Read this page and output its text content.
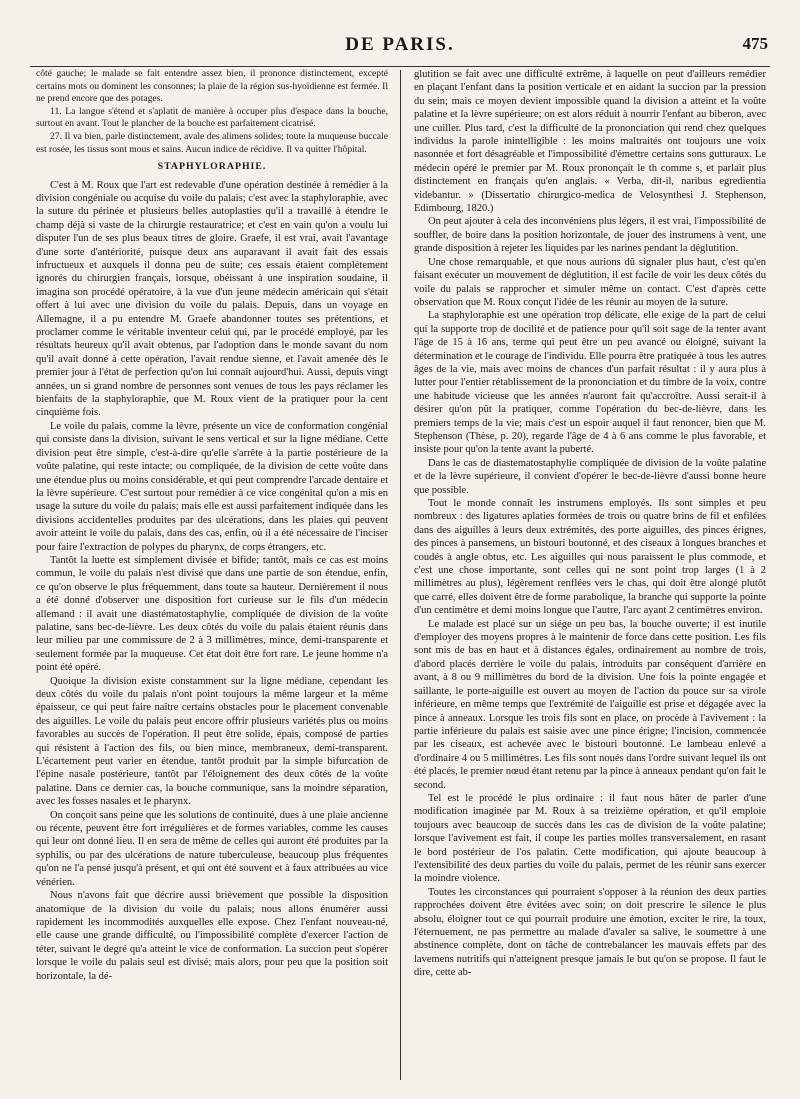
DE PARIS.	475

côté gauche; le malade se fait entendre assez bien, il prononce distinctement, excepté certains mots ou dominent les consonnes; la plaie de la région sus-hyoïdienne est fermée. Il ne prend encore que des potages.

11. La langue s'étend et s'aplatit de manière à occuper plus d'espace dans la bouche, surtout en avant. Tout le plancher de la bouche est parfaitement cicatrisé.

27. Il va bien, parle distinctement, avale des alimens solides; toute la muqueuse buccale est rosée, les tissus sont mous et sains. Aucun indice de récidive. Il va quitter l'hôpital.

STAPHYLORAPHIE.

C'est à M. Roux que l'art est redevable d'une opération destinée à remédier à la division congéniale ou acquise du voile du palais; c'est avec la staphyloraphie, avec la suture du périnée et plusieurs belles autoplasties qu'il a travaillé à étendre le champ déjà si vaste de la chirurgie restauratrice; et c'est en vain qu'on a voulu lui disputer l'un de ses plus beaux titres de gloire. Graefe, il est vrai, avait l'avantage d'une sorte d'antériorité, puisque deux ans auparavant il avait fait des essais infructueux et auxquels il donna peu de suite; ces essais étaient complètement ignorés du chirurgien français, lorsque, obéissant à une inspiration soudaine, il imagina son procédé opératoire, à la vue d'un jeune médecin américain qui s'était offert à lui avec une division du voile du palais. Depuis, dans un voyage en Allemagne, il a pu entendre M. Graefe abandonner toutes ses prétentions, et proclamer comme le véritable inventeur celui qui, par le procédé employé, par les résultats heureux qu'il avait obtenus, par l'adoption dans le monde savant du nom qu'il avait donné à cette opération, l'avait rendue sienne, et l'avait amenée dès le premier jour à l'état de perfection qu'on lui connaît aujourd'hui. Aussi, depuis vingt années, un si grand nombre de personnes sont venues de tous les pays réclamer les bienfaits de la staphyloraphie, que M. Roux vient de la pratiquer pour la cent cinquième fois.

Le voile du palais, comme la lèvre, présente un vice de conformation congénial qui consiste dans la division, suivant le sens vertical et sur la ligne médiane. Cette division peut être simple, c'est-à-dire qu'elle s'arrête à la partie postérieure de la voûte palatine, qui reste intacte; ou compliquée, de la division de cette voûte dans une étendue plus ou moins considérable, et qui peut comprendre l'arcade dentaire et la lèvre supérieure. C'est surtout pour remédier à ce vice congénital qu'on a mis en usage la suture du voile du palais; mais elle est aussi parfaitement indiquée dans les divisions accidentelles produites par des ulcérations, dans les plaies qui peuvent avoir atteint le voile du palais, dans des cas, enfin, où il a été nécessaire de l'inciser pour faire l'extraction de polypes du pharynx, de corps étrangers, etc.

Tantôt la luette est simplement divisée et bifide; tantôt, mais ce cas est moins commun, le voile du palais n'est divisé que dans une partie de son étendue, enfin, ce qu'on observe le plus fréquemment, dans toute sa hauteur. Dernièrement il nous a été donné d'observer une disposition fort curieuse sur le fils d'un médecin allemand : il avait une diastématostaphylie, compliquée de division de la voûte palatine, sans bec-de-lièvre. Les deux côtés du voile du palais étaient réunis dans leur milieu par une commissure de 2 à 3 millimètres, mince, demi-transparente et seulement formée par la muqueuse. Cet état doit être fort rare. Le jeune homme n'a point été opéré.

Quoique la division existe constamment sur la ligne médiane, cependant les deux côtés du voile du palais n'ont point toujours la même largeur et la même épaisseur, ce qui peut faire naître certains obstacles pour le placement convenable des aiguilles. Le voile du palais peut encore offrir plusieurs variétés plus ou moins favorables au succès de l'opération. Il peut être solide, épais, composé de parties qui résistent à l'action des fils, ou bien mince, membraneux, demi-transparent. L'écartement peut varier en étendue, tantôt produit par la simple bifurcation de l'épine nasale postérieure, tantôt par l'éloignement des deux côtés de la voûte palatine. Dans ce dernier cas, la bouche communique, sans la moindre séparation, avec les fosses nasales et le pharynx.

On conçoit sans peine que les solutions de continuité, dues à une plaie ancienne ou récente, peuvent être fort irrégulières et de formes variables, comme les causes qui leur ont donné lieu. Il en sera de même de celles qui auront été produites par la syphilis, ou par des ulcérations de nature tuberculeuse, beaucoup plus fréquentes qu'on ne l'a pensé jusqu'à présent, et qui ont été souvent et à faux attribuées au vice vénérien.

Nous n'avons fait que décrire aussi brièvement que possible la disposition anatomique de la division du voile du palais; nous allons énumérer aussi rapidement les incommodités auxquelles elle expose. Chez l'enfant nouveau-né, elle cause une grande difficulté, ou l'impossibilité complète d'exercer l'action de téter, suivant le degré qu'a atteint le vice de conformation. La succion peut s'opérer lorsque le voile du palais seul est divisé; mais alors, pour peu que la position soit horizontale, la dé-

glutition se fait avec une difficulté extrême, à laquelle on peut d'ailleurs remédier en plaçant l'enfant dans la position verticale et en aidant la succion par la pression du sein; mais ce moyen devient impossible quand la division a atteint et la voûte palatine et la lèvre supérieure; on est alors réduit à nourrir l'enfant au biberon, avec une cuiller. Plus tard, c'est la difficulté de la prononciation qui rend chez quelques individus la parole inintelligible : les moins maltraités ont toujours une voix nasonnée et fort désagréable et l'impossibilité d'émettre certains sons gutturaux. Le médecin opéré le premier par M. Roux prononçait le th comme s, et parlait plus distinctement en français qu'en anglais. « Verba, dit-il, naribus egredientia videbantur. » (Dissertatio chirurgico-medica de Velosynthesi J. Stephenson, Edimbourg, 1820.)

On peut ajouter à cela des inconvéniens plus légers, il est vrai, l'impossibilité de souffler, de boire dans la position horizontale, de jouer des instrumens à vent, une grande disposition à rejeter les liquides par les narines pendant la déglutition.

Une chose remarquable, et que nous aurions dû signaler plus haut, c'est qu'en faisant exécuter un mouvement de déglutition, il est facile de voir les deux côtés du voile du palais se rapprocher et simuler même un contact. C'est d'après cette observation que M. Roux conçut l'idée de les réunir au moyen de la suture.

La staphyloraphie est une opération trop délicate, elle exige de la part de celui qui la supporte trop de docilité et de patience pour qu'il soit sage de la tenter avant l'âge de 15 à 16 ans, terme qui peut être un peu avancé ou éloigné, suivant la détermination et le courage de l'individu. Elle pourra être pratiquée à tous les autres âges de la vie, mais avec moins de chances d'un parfait résultat : il y aura plus à lutter pour l'entier rétablissement de la prononciation et du timbre de la voix, contre une habitude vicieuse que les années n'auront fait qu'accroître. Aussi serait-il à désirer qu'on pût la pratiquer, comme l'opération du bec-de-lièvre, dans les premiers temps de la vie; mais c'est un espoir auquel il faut renoncer, bien que M. Stephenson (Thèse, p. 20), regarde l'âge de 4 à 6 ans comme le plus favorable, et insiste pour qu'on la tente avant la puberté.

Dans le cas de diastematostaphylie compliquée de division de la voûte palatine et de la lèvre supérieure, il convient d'opérer le bec-de-lièvre d'aussi bonne heure que possible.

Tout le monde connaît les instrumens employés. Ils sont simples et peu nombreux : des ligatures aplaties formées de trois ou quatre brins de fil et enfilées dans des aiguilles à leurs deux extrémités, des porte aiguilles, des pinces érignes, des pinces à pansemens, un bistouri boutonné, et des ciseaux à longues branches et coudés à angle obtus, etc. Les aiguilles qui nous paraissent le plus commode, et c'est une chose importante, sont celles qui ne sont point trop larges (1 à 2 millimètres au plus), légèrement renflées vers le chas, qui doit être alongé plutôt que carré, elles doivent être de forme parabolique, la branche qui supporte la pointe d'un centimètre et demi moins longue que l'autre, l'arc ayant 2 centimètres environ.

Le malade est placé sur un siége un peu bas, la bouche ouverte; il est inutile d'employer des moyens propres à le maintenir de force dans cette position. Les fils sont mis de bas en haut et à distances égales, ordinairement au nombre de trois, d'abord placés derrière le voile du palais, introduits par conséquent d'arrière en avant, à 8 ou 9 millimètres du bord de la division. Une fois la pointe engagée et saillante, le porte-aiguille est ouvert au moyen de l'action du pouce sur sa virole inférieure, en même temps que l'extrémité de l'aiguille est prise et dégagée avec la pince à anneaux. Lorsque les trois fils sont en place, on procède à l'avivement : la partie inférieure du palais est saisie avec une pince érigne; l'incision, commencée par les ciseaux, est achevée avec le bistouri boutonné. Le lambeau enlevé a d'ordinaire 4 ou 5 millimètres. Les fils sont noués dans l'ordre suivant lequel ils ont été placés, le premier nœud étant retenu par la pince à anneaux pendant qu'on fait le second.

Tel est le procédé le plus ordinaire : il faut nous hâter de parler d'une modification imaginée par M. Roux à sa treizième opération, et qu'il emploie toujours avec beaucoup de succès dans les cas de division de la voûte palatine; lorsque l'avivement est fait, il coupe les parties molles transversalement, en rasant le bord postérieur de l'os palatin. Cette modification, qui ajoute beaucoup à l'extensibilité des deux parties du voile du palais, permet de les réunir sans exercer la moindre violence.

Toutes les circonstances qui pourraient s'opposer à la réunion des deux parties rapprochées doivent être évitées avec soin; on doit prescrire le silence le plus absolu, éloigner tout ce qui pourrait produire une émotion, exciter le rire, la toux, l'éternuement, ne pas permettre au malade d'avaler sa salive, le soumettre à une abstinence complète, dont on tâche de contrebalancer les mauvais effets par des lavemens nutritifs qui n'atteignent presque jamais le but qu'on se propose. Il faut le dire, cette ab-
